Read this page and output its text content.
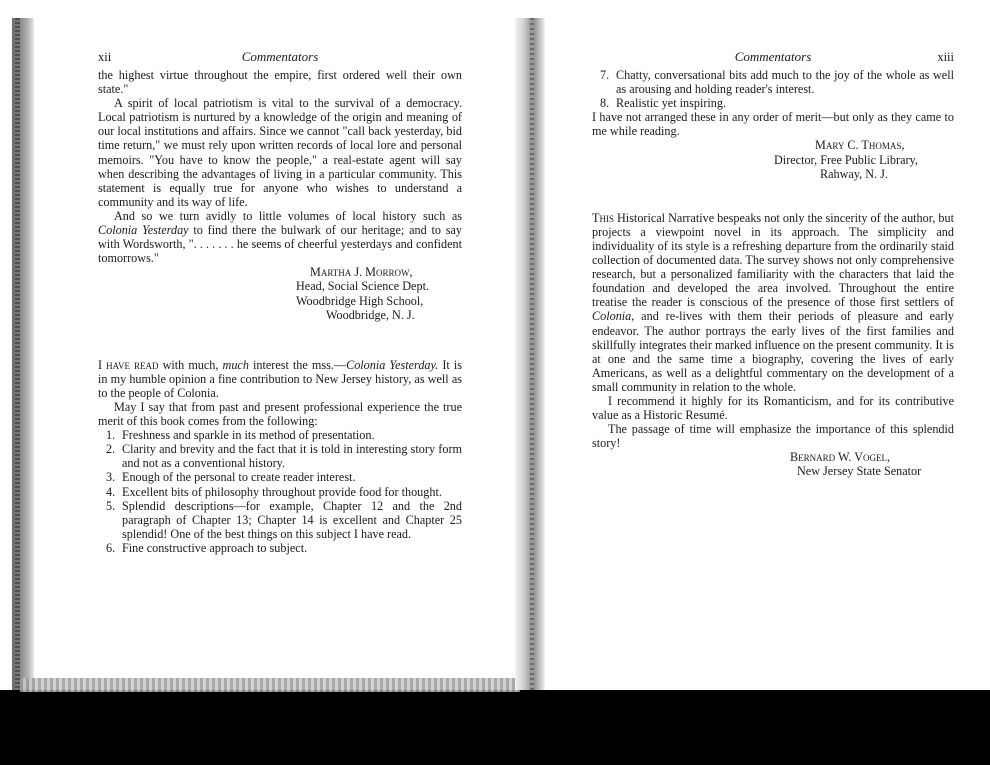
xii	Commentators

the highest virtue throughout the empire, first ordered well their own state."

A spirit of local patriotism is vital to the survival of a democracy. Local patriotism is nurtured by a knowledge of the origin and meaning of our local institutions and affairs. Since we cannot "call back yesterday, bid time return," we must rely upon written records of local lore and personal memoirs. "You have to know the people," a real-estate agent will say when describing the advantages of living in a particular community. This statement is equally true for anyone who wishes to understand a community and its way of life.

And so we turn avidly to little volumes of local history such as Colonia Yesterday to find there the bulwark of our heritage; and to say with Wordsworth, ". . . . . . . he seems of cheerful yesterdays and confident tomorrows."

Martha J. Morrow,

Head, Social Science Dept.

Woodbridge High School,

Woodbridge, N. J.

I have read with much, much interest the mss.—Colonia Yesterday. It is in my humble opinion a fine contribution to New Jersey history, as well as to the people of Colonia.

May I say that from past and present professional experience the true merit of this book comes from the following:

1. Freshness and sparkle in its method of presentation.
2. Clarity and brevity and the fact that it is told in interesting story form and not as a conventional history.
3. Enough of the personal to create reader interest.
4. Excellent bits of philosophy throughout provide food for thought.
5. Splendid descriptions—for example, Chapter 12 and the 2nd paragraph of Chapter 13; Chapter 14 is excellent and Chapter 25 splendid! One of the best things on this subject I have read.
6. Fine constructive approach to subject.
Commentators	xiii
7. Chatty, conversational bits add much to the joy of the whole as well as arousing and holding reader's interest.
8. Realistic yet inspiring.

I have not arranged these in any order of merit—but only as they came to me while reading.

Mary C. Thomas,

Director, Free Public Library,

Rahway, N. J.

This Historical Narrative bespeaks not only the sincerity of the author, but projects a viewpoint novel in its approach. The simplicity and individuality of its style is a refreshing departure from the ordinarily staid collection of documented data. The survey shows not only comprehensive research, but a personalized familiarity with the characters that laid the foundation and developed the area involved. Throughout the entire treatise the reader is conscious of the presence of those first settlers of Colonia, and re-lives with them their periods of pleasure and early endeavor. The author portrays the early lives of the first families and skillfully integrates their marked influence on the present community. It is at one and the same time a biography, covering the lives of early Americans, as well as a delightful commentary on the development of a small community in relation to the whole.

I recommend it highly for its Romanticism, and for its contributive value as a Historic Resumé.

The passage of time will emphasize the importance of this splendid story!

Bernard W. Vogel,

New Jersey State Senator
